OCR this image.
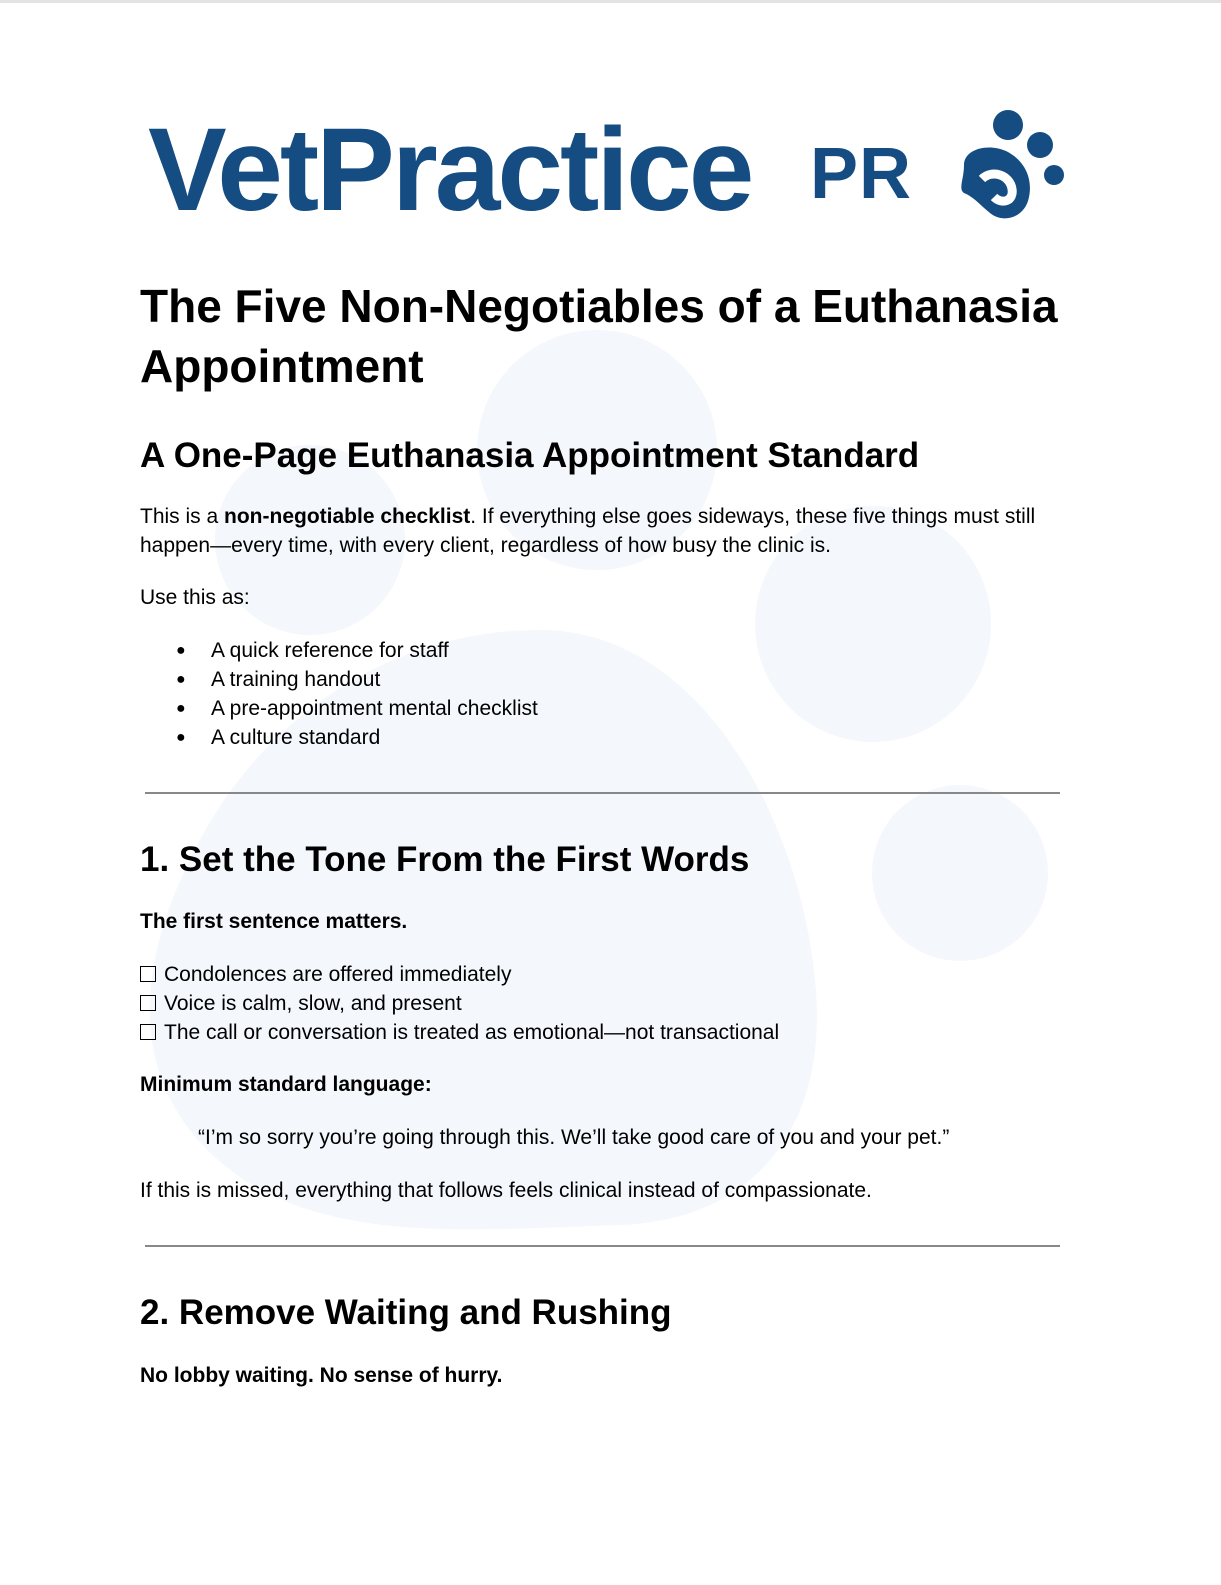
VetPractice PR
The Five Non-Negotiables of a Euthanasia Appointment
A One-Page Euthanasia Appointment Standard

This is a non-negotiable checklist. If everything else goes sideways, these five things must still happen—every time, with every client, regardless of how busy the clinic is.

Use this as:

● A quick reference for staff
● A training handout
● A pre-appointment mental checklist
● A culture standard
1. Set the Tone From the First Words

The first sentence matters.

Condolences are offered immediately
Voice is calm, slow, and present
The call or conversation is treated as emotional—not transactional

Minimum standard language:

“I’m so sorry you’re going through this. We’ll take good care of you and your pet.”

If this is missed, everything that follows feels clinical instead of compassionate.

2. Remove Waiting and Rushing

No lobby waiting. No sense of hurry.
